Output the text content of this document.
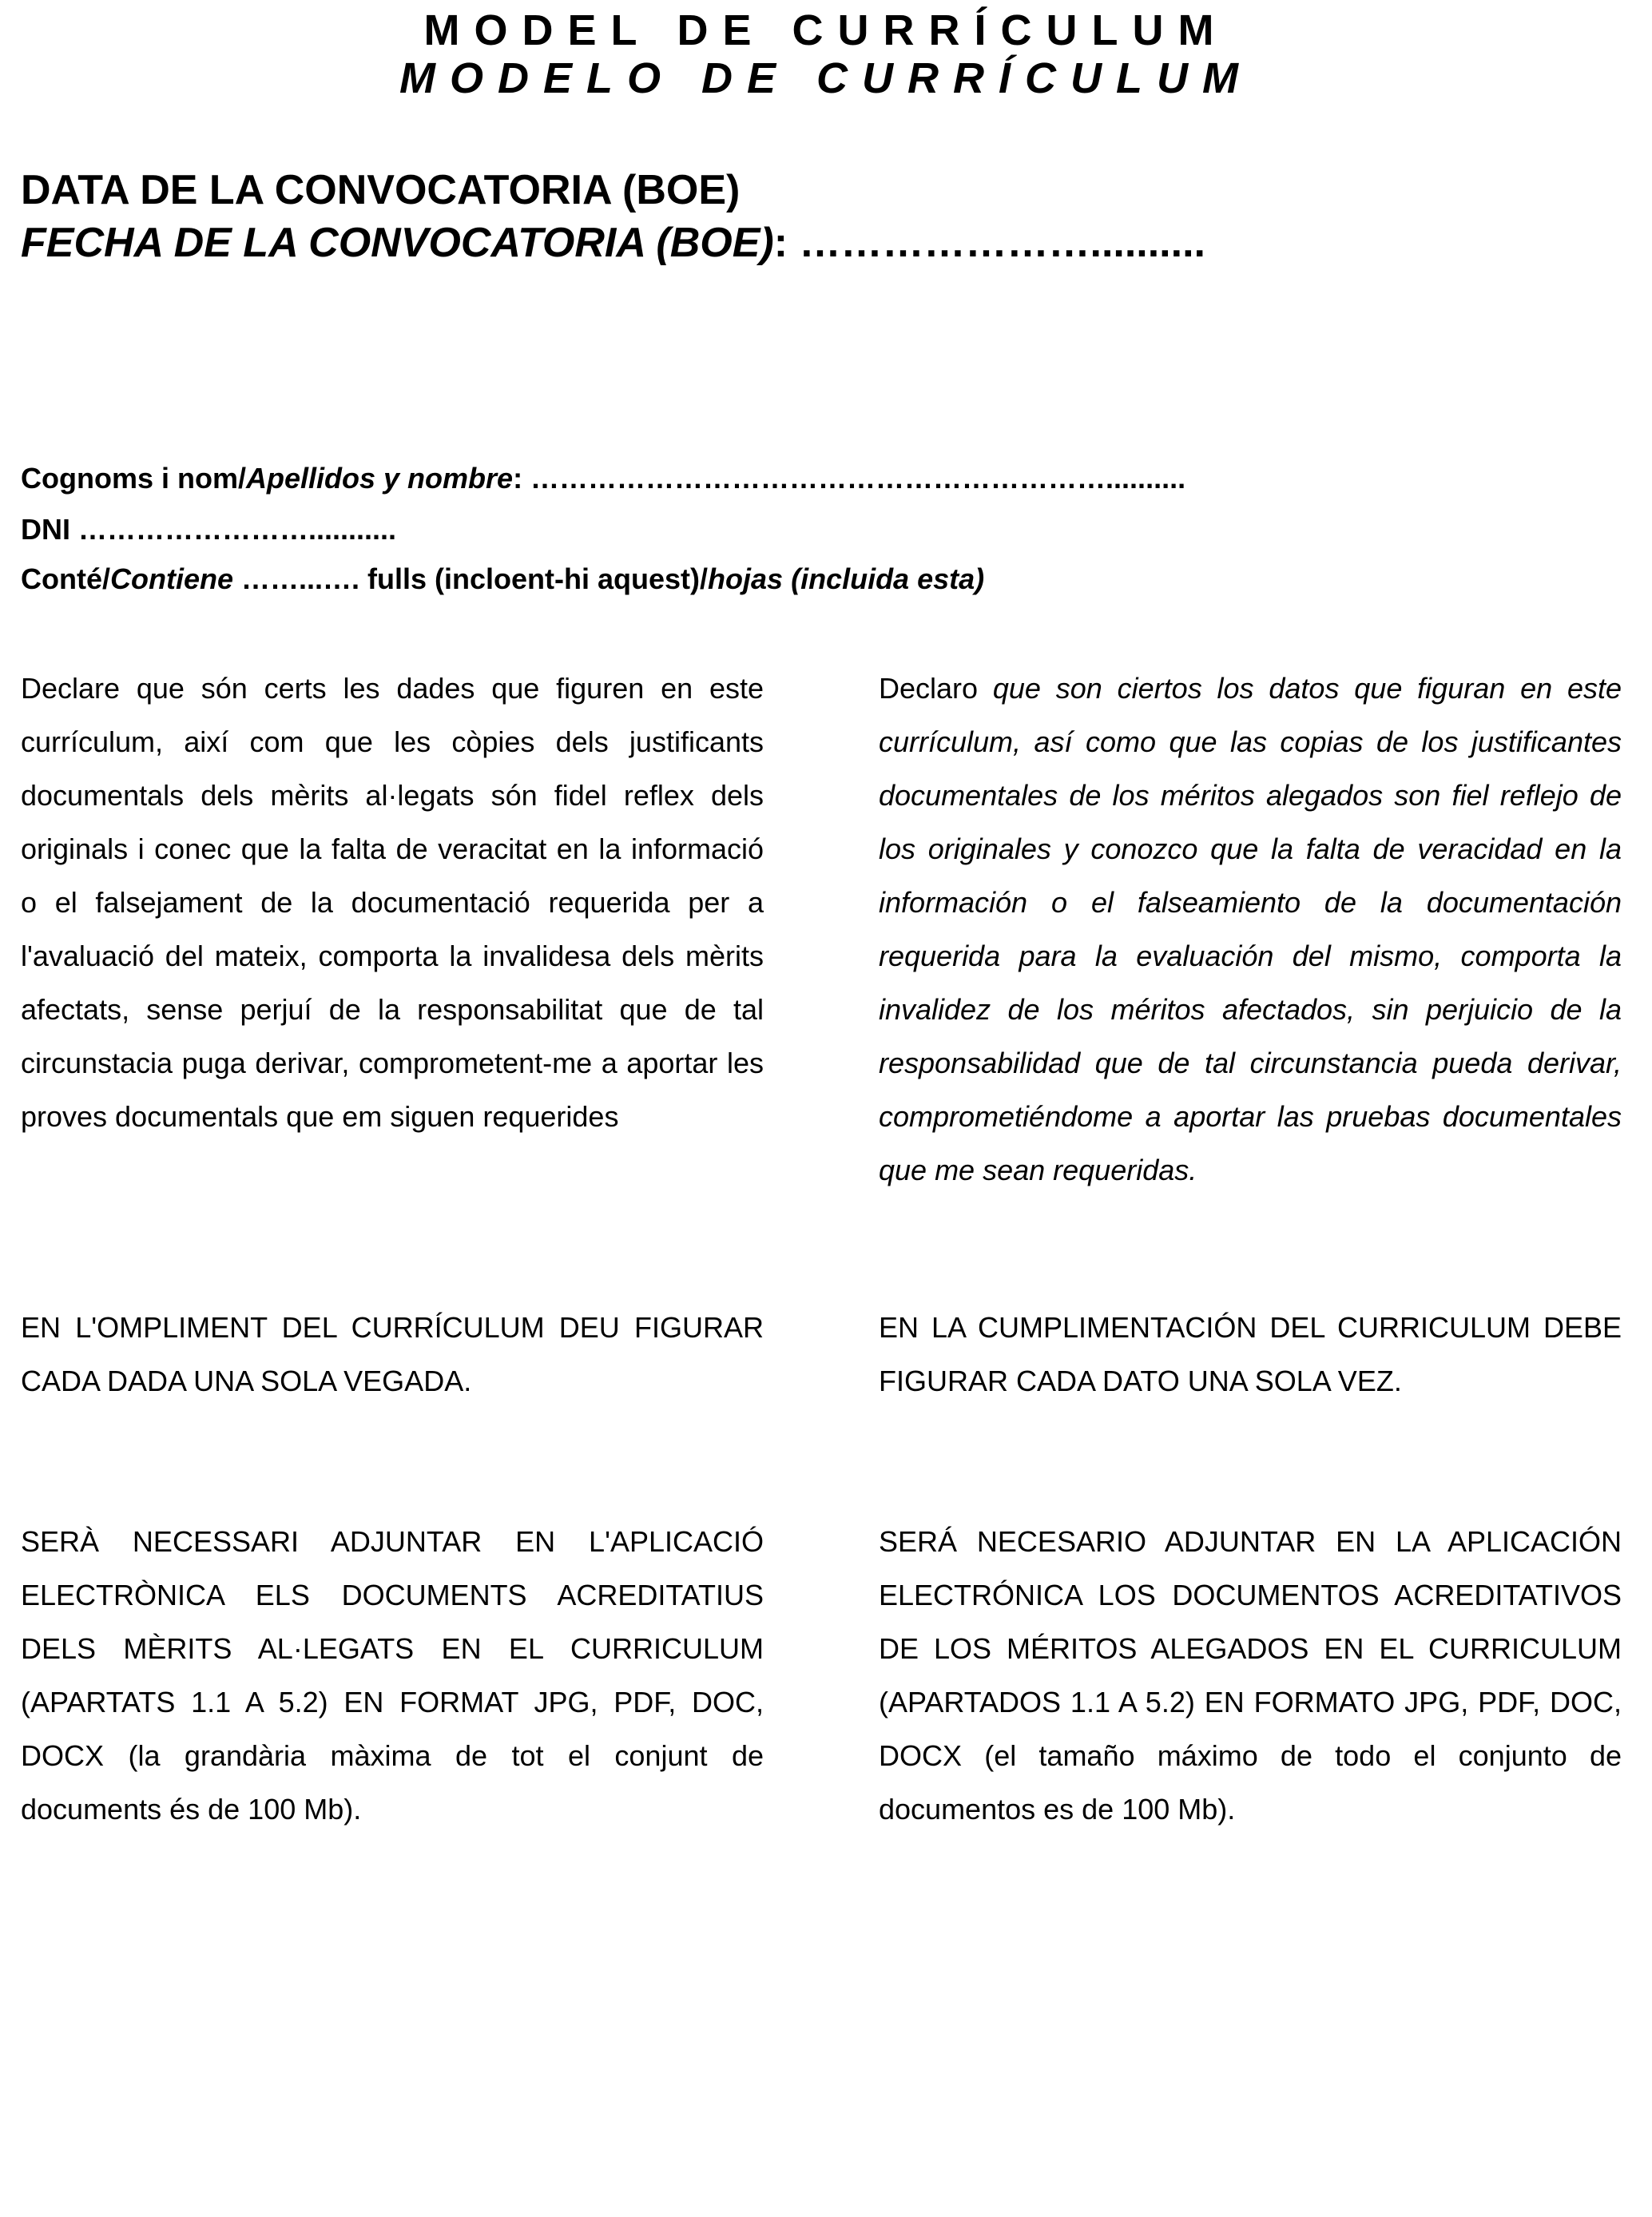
MODEL DE CURRÍCULUM
MODELO DE CURRÍCULUM
DATA DE LA CONVOCATORIA (BOE)
FECHA DE LA CONVOCATORIA (BOE): …………………..........
Cognoms i nom/Apellidos y nombre: ……………………………………………………..........
DNI ……………………...........
Conté/Contiene ……...…. fulls (incloent-hi aquest)/hojas (incluida esta)
Declare que són certs les dades que figuren en este currículum, així com que les còpies dels justificants documentals dels mèrits al·legats són fidel reflex dels originals i conec que la falta de veracitat en la informació o el falsejament de la documentació requerida per a l'avaluació del mateix, comporta la invalidesa dels mèrits afectats, sense perjuí de la responsabilitat que de tal circunstacia puga derivar, comprometent-me a aportar les proves documentals que em siguen requerides
Declaro que son ciertos los datos que figuran en este currículum, así como que las copias de los justificantes documentales de los méritos alegados son fiel reflejo de los originales y conozco que la falta de veracidad en la información o el falseamiento de la documentación requerida para la evaluación del mismo, comporta la invalidez de los méritos afectados, sin perjuicio de la responsabilidad que de tal circunstancia pueda derivar, comprometiéndome a aportar las pruebas documentales que me sean requeridas.
EN L'OMPLIMENT DEL CURRÍCULUM DEU FIGURAR CADA DADA UNA SOLA VEGADA.
EN LA CUMPLIMENTACIÓN DEL CURRICULUM DEBE FIGURAR CADA DATO UNA SOLA VEZ.
SERÀ NECESSARI ADJUNTAR EN L'APLICACIÓ ELECTRÒNICA ELS DOCUMENTS ACREDITATIUS DELS MÈRITS AL·LEGATS EN EL CURRICULUM (APARTATS 1.1 A 5.2) EN FORMAT JPG, PDF, DOC, DOCX (la grandària màxima de tot el conjunt de documents és de 100 Mb).
SERÁ NECESARIO ADJUNTAR EN LA APLICACIÓN ELECTRÓNICA LOS DOCUMENTOS ACREDITATIVOS DE LOS MÉRITOS ALEGADOS EN EL CURRICULUM (APARTADOS 1.1 A 5.2) EN FORMATO JPG, PDF, DOC, DOCX (el tamaño máximo de todo el conjunto de documentos es de 100 Mb).
